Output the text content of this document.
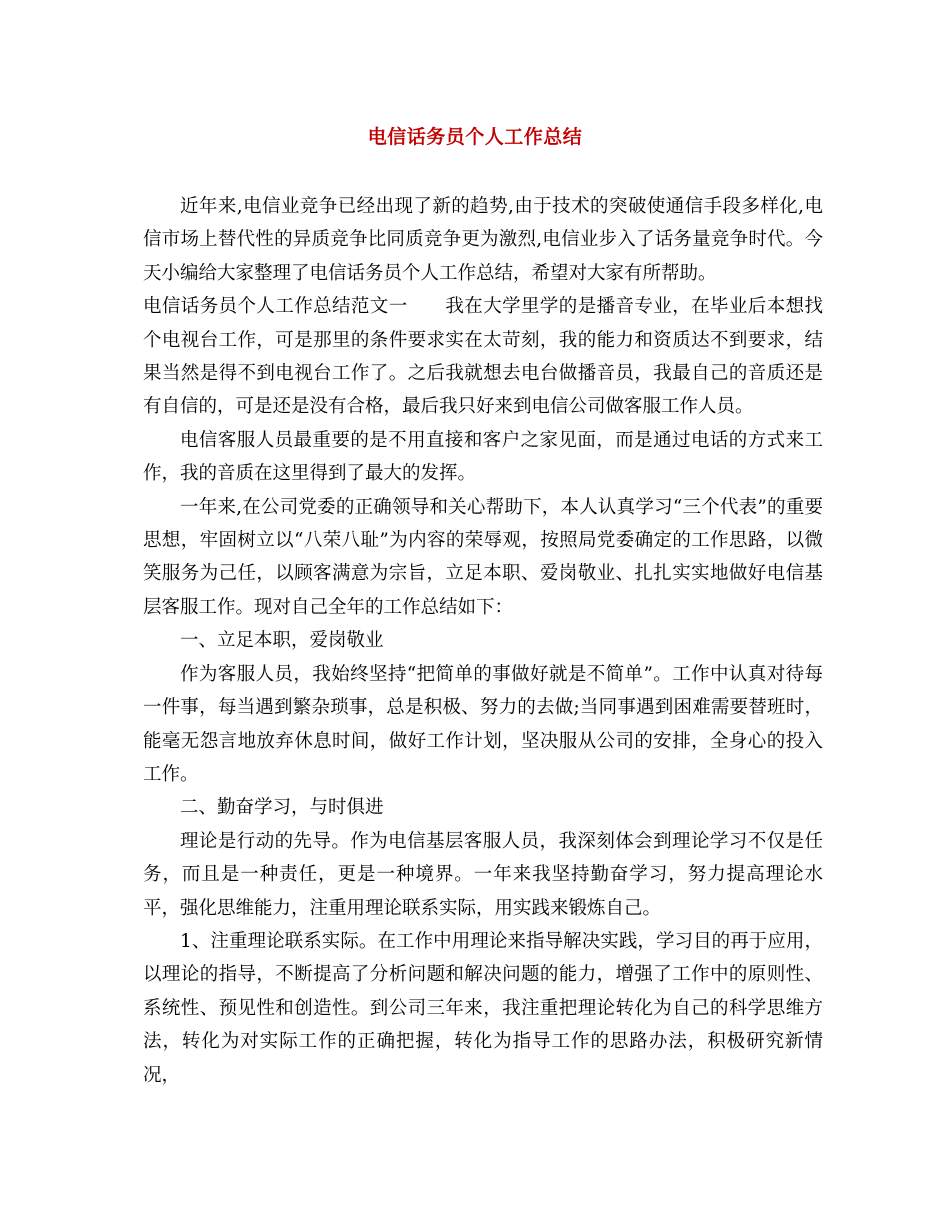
电信话务员个人工作总结

近年来,电信业竞争已经出现了新的趋势,由于技术的突破使通信手段多样化,电信市场上替代性的异质竞争比同质竞争更为激烈,电信业步入了话务量竞争时代。今天小编给大家整理了电信话务员个人工作总结，希望对大家有所帮助。

电信话务员个人工作总结范文一　　我在大学里学的是播音专业，在毕业后本想找个电视台工作，可是那里的条件要求实在太苛刻，我的能力和资质达不到要求，结果当然是得不到电视台工作了。之后我就想去电台做播音员，我最自己的音质还是有自信的，可是还是没有合格，最后我只好来到电信公司做客服工作人员。

电信客服人员最重要的是不用直接和客户之家见面，而是通过电话的方式来工作，我的音质在这里得到了最大的发挥。

一年来,在公司党委的正确领导和关心帮助下，本人认真学习“三个代表”的重要思想，牢固树立以“八荣八耻”为内容的荣辱观，按照局党委确定的工作思路，以微笑服务为己任，以顾客满意为宗旨，立足本职、爱岗敬业、扎扎实实地做好电信基层客服工作。现对自己全年的工作总结如下：

一、立足本职，爱岗敬业

作为客服人员，我始终坚持“把简单的事做好就是不简单”。工作中认真对待每一件事，每当遇到繁杂琐事，总是积极、努力的去做;当同事遇到困难需要替班时，能毫无怨言地放弃休息时间，做好工作计划，坚决服从公司的安排，全身心的投入工作。

二、勤奋学习，与时俱进

理论是行动的先导。作为电信基层客服人员，我深刻体会到理论学习不仅是任务，而且是一种责任，更是一种境界。一年来我坚持勤奋学习，努力提高理论水平，强化思维能力，注重用理论联系实际，用实践来锻炼自己。

1、注重理论联系实际。在工作中用理论来指导解决实践，学习目的再于应用，以理论的指导，不断提高了分析问题和解决问题的能力，增强了工作中的原则性、系统性、预见性和创造性。到公司三年来，我注重把理论转化为自己的科学思维方法，转化为对实际工作的正确把握，转化为指导工作的思路办法，积极研究新情况，
